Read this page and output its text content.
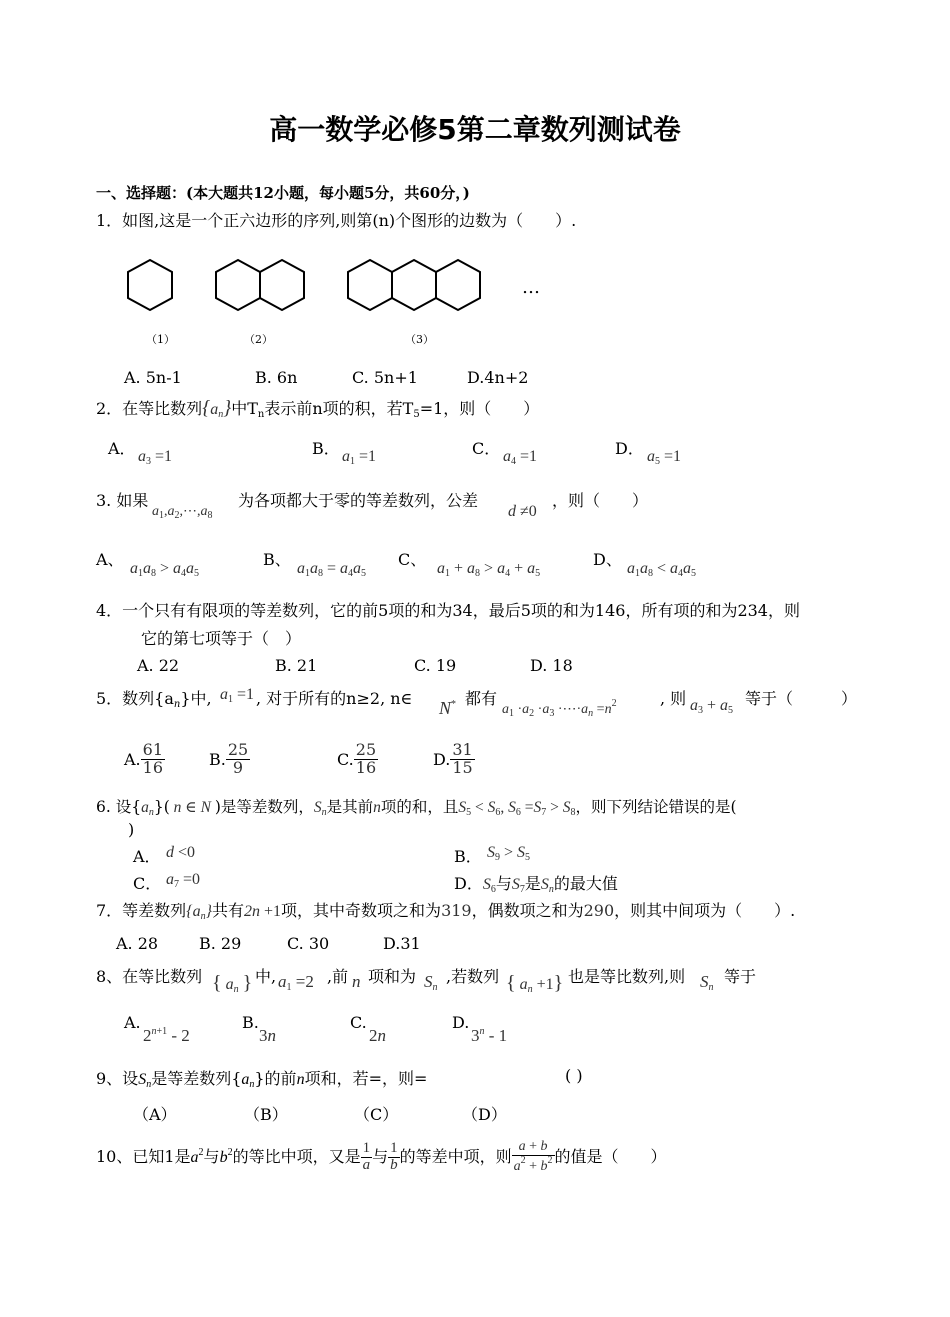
高一数学必修5第二章数列测试卷
一、选择题：(本大题共12小题，每小题5分，共60分，)
1．如图,这是一个正六边形的序列,则第(n)个图形的边数为（　　）.
（1）	（2）	（3）
…
A. 5n-1	B. 6n	C. 5n+1	D.4n+2
2．在等比数列$\{a_n\}$中$T_n$表示前n项的积，若$T_5=1$，则（　　）
A． $a_3 =1$	B． $a_1 =1$	C． $a_4 =1$	D． $a_5 =1$
3. 如果
$a_1,a_2,\cdots,a_8$
为各项都大于零的等差数列，公差
d ≠0
，则（　　）
A、 $a_1a_8 > a_4a_5$
B、 $a_1a_8 = a_4a_5$
C、 $a_1 + a_8 > a_4 + a_5$
D、 $a_1a_8 < a_4a_5$
4．一个只有有限项的等差数列，它的前5项的和为34，最后5项的和为146，所有项的和为234，则
它的第七项等于（　）
A. 22	B. 21	C. 19	D. 18
5．数列$\{a_n\}$中, $a_1 =1$ , 对于所有的n≥2, n∈ N* 都有
$a_1 \cdot a_2 \cdot a_3$ $\cdot\cdots\cdot a_n =n^2$	, 则 $a_3 + a_5$
等于（　　　）
A. $\frac{61}{16}$	B. $\frac{25}{9}$	C. $\frac{25}{16}$	D. $\frac{31}{15}$
6. 设$\{a_n\}$( n ∈ N )是等差数列，$S_n$是其前n项的和，且$S_5 < S_6$, $S_6 =S_7 > S_8$，则下列结论错误的是(
)
A． d <0	B． $S_9 > S_5$
C． $a_7 =0$	D．$S_6$与$S_7$是$S_n$的最大值
7．等差数列$\{a_n\}$共有2n +1项，其中奇数项之和为319，偶数项之和为290，则其中间项为（　　）.
A. 28	B. 29	C. 30	D.31
8、在等比数列 { $a_n$ } 中, $a_1 =2$ ,前 n 项和为 $S_n$
,若数列 { $a_n +1$} 也是等比数列,则 $S_n$
等于
A.
$2^{n+1} - 2$
B.
3n
C.
2n
D.
3$^n$ - 1
9、设$S_n$是等差数列$\{a_n\}$的前n项和，若=，则=	( )
（A）	（B）	（C）	（D）
10、已知1是$a^2$与$b^2$的等比中项，又是 $\frac{1}{a}$ 与 $\frac{1}{b}$ 的等差中项，则 $\frac{a + b}{a^2 + b^2}$ 的值是（　　）
